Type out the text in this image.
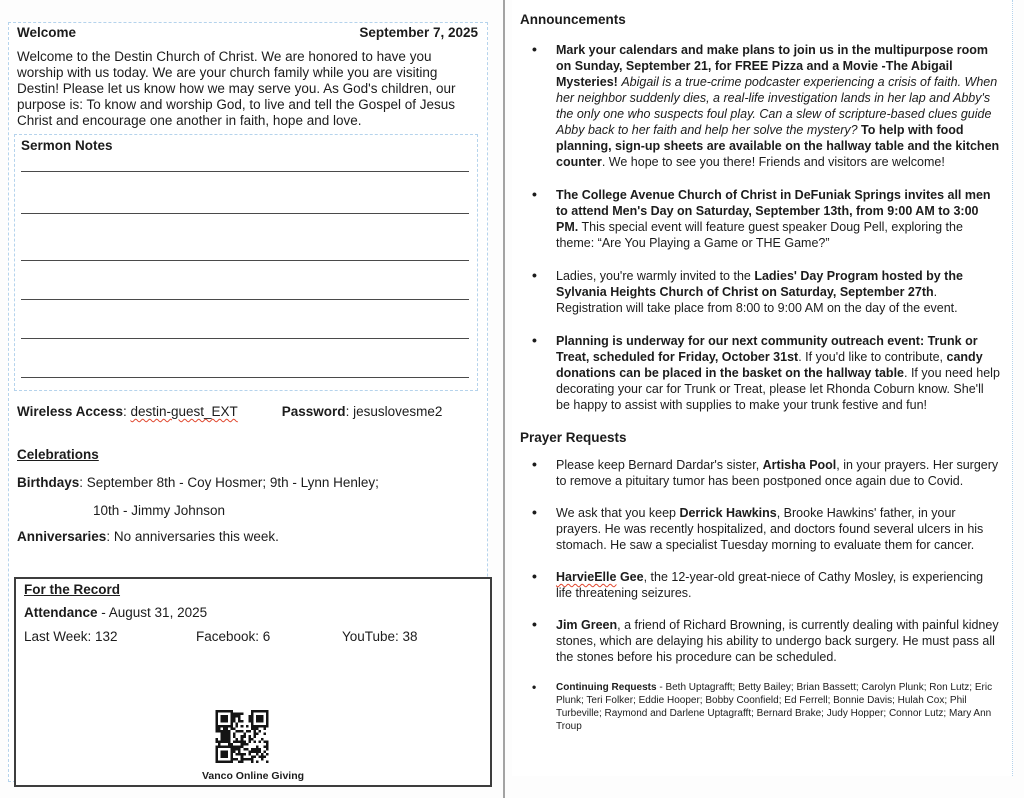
Welcome	September 7, 2025
Welcome to the Destin Church of Christ. We are honored to have you worship with us today. We are your church family while you are visiting Destin! Please let us know how we may serve you. As God's children, our purpose is: To know and worship God, to live and tell the Gospel of Jesus Christ and encourage one another in faith, hope and love.
Sermon Notes
Wireless Access: destin-guest_EXT	Password: jesuslovesme2
Celebrations
Birthdays: September 8th - Coy Hosmer; 9th - Lynn Henley;
10th - Jimmy Johnson
Anniversaries: No anniversaries this week.
For the Record
Attendance - August 31, 2025
Last Week: 132	Facebook: 6	YouTube: 38
Vanco Online Giving
Announcements
• Mark your calendars and make plans to join us in the multipurpose room on Sunday, September 21, for FREE Pizza and a Movie -The Abigail Mysteries! Abigail is a true-crime podcaster experiencing a crisis of faith. When her neighbor suddenly dies, a real-life investigation lands in her lap and Abby's the only one who suspects foul play. Can a slew of scripture-based clues guide Abby back to her faith and help her solve the mystery? To help with food planning, sign-up sheets are available on the hallway table and the kitchen counter. We hope to see you there! Friends and visitors are welcome!
• The College Avenue Church of Christ in DeFuniak Springs invites all men to attend Men's Day on Saturday, September 13th, from 9:00 AM to 3:00 PM. This special event will feature guest speaker Doug Pell, exploring the theme: “Are You Playing a Game or THE Game?”
• Ladies, you're warmly invited to the Ladies' Day Program hosted by the Sylvania Heights Church of Christ on Saturday, September 27th. Registration will take place from 8:00 to 9:00 AM on the day of the event.
• Planning is underway for our next community outreach event: Trunk or Treat, scheduled for Friday, October 31st. If you'd like to contribute, candy donations can be placed in the basket on the hallway table. If you need help decorating your car for Trunk or Treat, please let Rhonda Coburn know. She'll be happy to assist with supplies to make your trunk festive and fun!
Prayer Requests
• Please keep Bernard Dardar's sister, Artisha Pool, in your prayers. Her surgery to remove a pituitary tumor has been postponed once again due to Covid.
• We ask that you keep Derrick Hawkins, Brooke Hawkins' father, in your prayers. He was recently hospitalized, and doctors found several ulcers in his stomach. He saw a specialist Tuesday morning to evaluate them for cancer.
• HarvieElle Gee, the 12-year-old great-niece of Cathy Mosley, is experiencing life threatening seizures.
• Jim Green, a friend of Richard Browning, is currently dealing with painful kidney stones, which are delaying his ability to undergo back surgery. He must pass all the stones before his procedure can be scheduled.
• Continuing Requests - Beth Uptagrafft; Betty Bailey; Brian Bassett; Carolyn Plunk; Ron Lutz; Eric Plunk; Teri Folker; Eddie Hooper; Bobby Coonfield; Ed Ferrell; Bonnie Davis; Hulah Cox; Phil Turbeville; Raymond and Darlene Uptagrafft; Bernard Brake; Judy Hopper; Connor Lutz; Mary Ann Troup
